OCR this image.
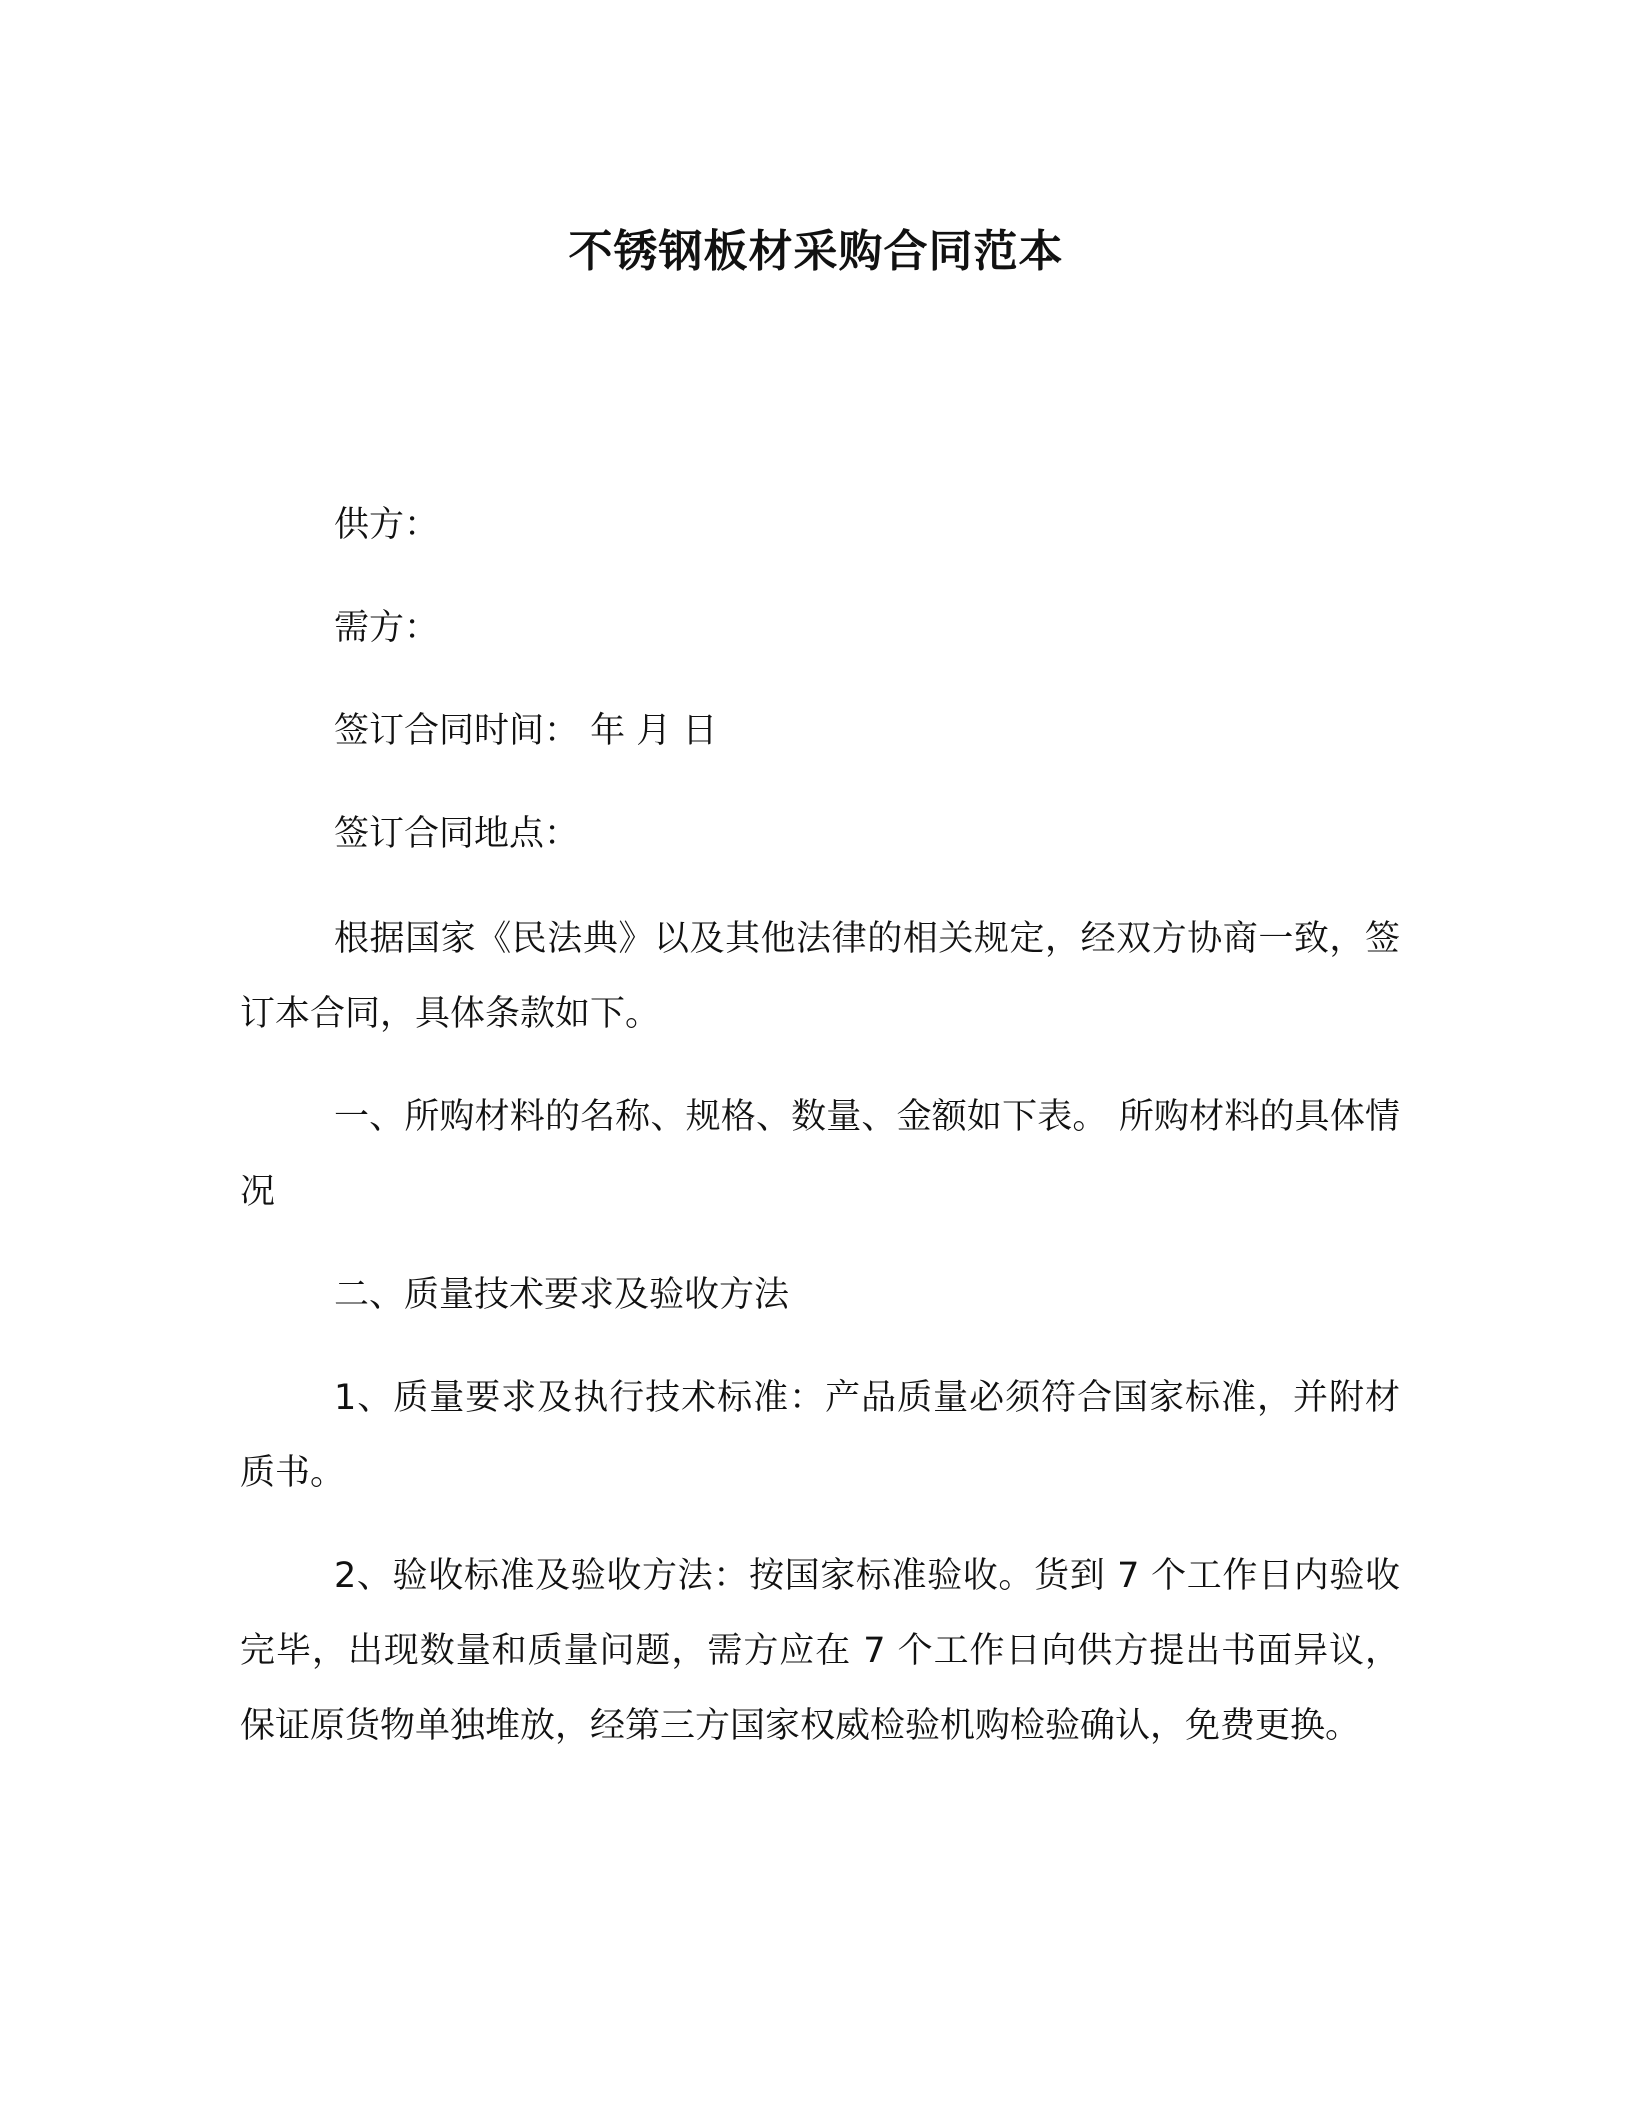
不锈钢板材采购合同范本

供方：

需方：

签订合同时间： 年 月 日

签订合同地点：

根据国家《民法典》以及其他法律的相关规定，经双方协商一致，签订本合同，具体条款如下。

一、所购材料的名称、规格、数量、金额如下表。 所购材料的具体情况

二、质量技术要求及验收方法

1、质量要求及执行技术标准：产品质量必须符合国家标准，并附材质书。

2、验收标准及验收方法：按国家标准验收。货到 7 个工作日内验收完毕，出现数量和质量问题，需方应在 7 个工作日向供方提出书面异议，保证原货物单独堆放，经第三方国家权威检验机购检验确认，免费更换。
